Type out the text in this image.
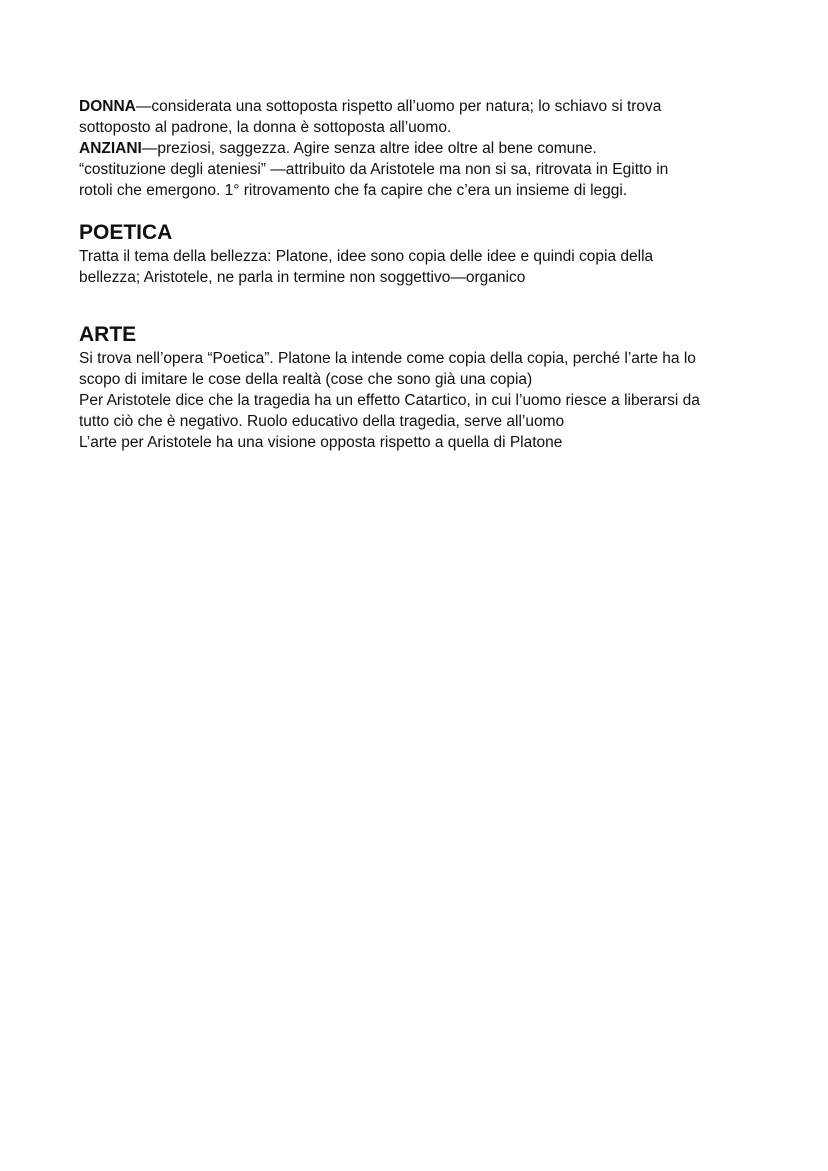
DONNA—considerata una sottoposta rispetto all’uomo per natura; lo schiavo si trova

sottoposto al padrone, la donna è sottoposta all’uomo.

ANZIANI—preziosi, saggezza. Agire senza altre idee oltre al bene comune.

“costituzione degli ateniesi” —attribuito da Aristotele ma non si sa, ritrovata in Egitto in

rotoli che emergono. 1° ritrovamento che fa capire che c’era un insieme di leggi.

POETICA

Tratta il tema della bellezza: Platone, idee sono copia delle idee e quindi copia della

bellezza; Aristotele, ne parla in termine non soggettivo—organico

ARTE

Si trova nell’opera “Poetica”. Platone la intende come copia della copia, perché l’arte ha lo

scopo di imitare le cose della realtà (cose che sono già una copia)

Per Aristotele dice che la tragedia ha un effetto Catartico, in cui l’uomo riesce a liberarsi da

tutto ciò che è negativo. Ruolo educativo della tragedia, serve all’uomo

L’arte per Aristotele ha una visione opposta rispetto a quella di Platone
